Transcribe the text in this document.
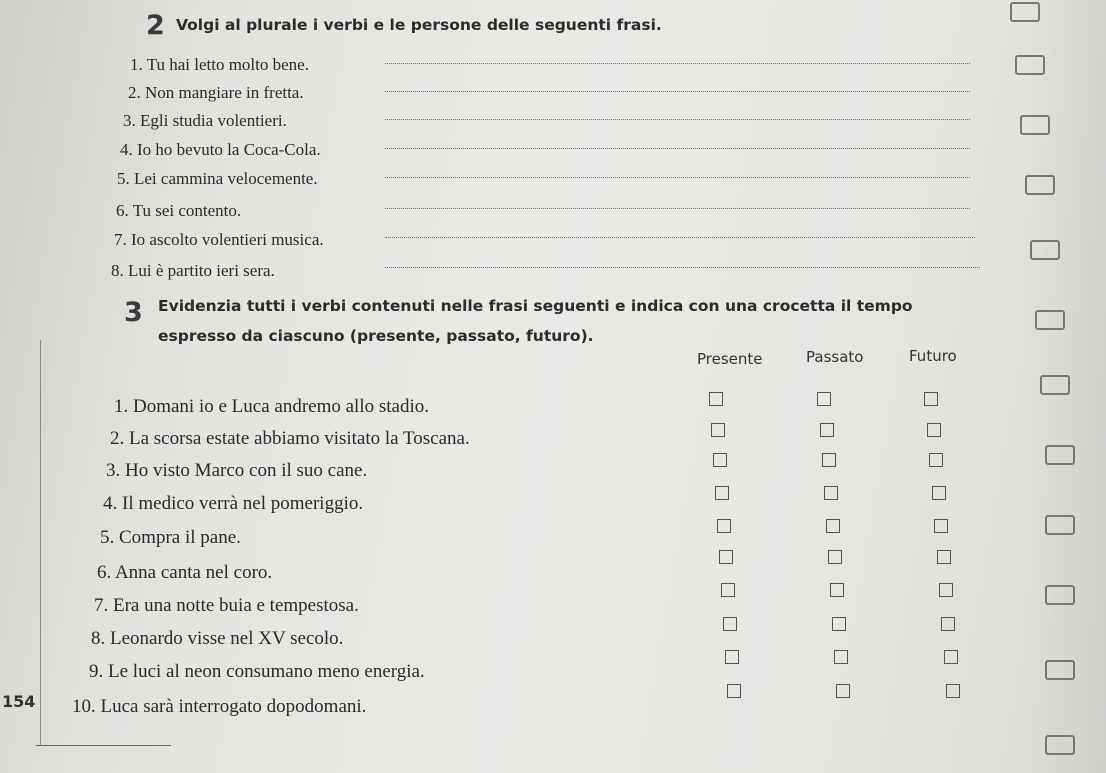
2 Volgi al plurale i verbi e le persone delle seguenti frasi.
1. Tu hai letto molto bene.
2. Non mangiare in fretta.
3. Egli studia volentieri.
4. Io ho bevuto la Coca-Cola.
5. Lei cammina velocemente.
6. Tu sei contento.
7. Io ascolto volentieri musica.
8. Lui è partito ieri sera.
3 Evidenzia tutti i verbi contenuti nelle frasi seguenti e indica con una crocetta il tempo
espresso da ciascuno (presente, passato, futuro).
Presente	Passato	Futuro
1. Domani io e Luca andremo allo stadio.
2. La scorsa estate abbiamo visitato la Toscana.
3. Ho visto Marco con il suo cane.
4. Il medico verrà nel pomeriggio.
5. Compra il pane.
6. Anna canta nel coro.
7. Era una notte buia e tempestosa.
8. Leonardo visse nel XV secolo.
9. Le luci al neon consumano meno energia.
10. Luca sarà interrogato dopodomani.
154
